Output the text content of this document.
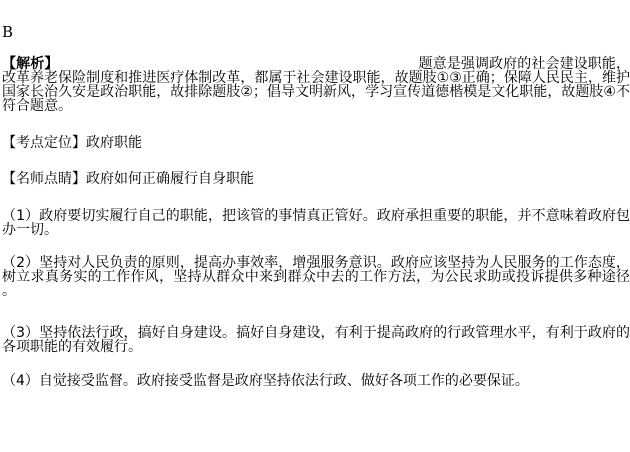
B

【解析】	题意是强调政府的社会建设职能，改革养老保险制度和推进医疗体制改革，都属于社会建设职能，故题肢①③正确；保障人民民主，维护国家长治久安是政治职能，故排除题肢②；倡导文明新风，学习宣传道德楷模是文化职能，故题肢④不符合题意。

【考点定位】政府职能

【名师点睛】政府如何正确履行自身职能

（1）政府要切实履行自己的职能，把该管的事情真正管好。政府承担重要的职能，并不意味着政府包办一切。

（2）坚持对人民负责的原则，提高办事效率，增强服务意识。政府应该坚持为人民服务的工作态度，树立求真务实的工作作风，坚持从群众中来到群众中去的工作方法，为公民求助或投诉提供多种途径。

（3）坚持依法行政，搞好自身建设。搞好自身建设，有利于提高政府的行政管理水平，有利于政府的各项职能的有效履行。

（4）自觉接受监督。政府接受监督是政府坚持依法行政、做好各项工作的必要保证。
